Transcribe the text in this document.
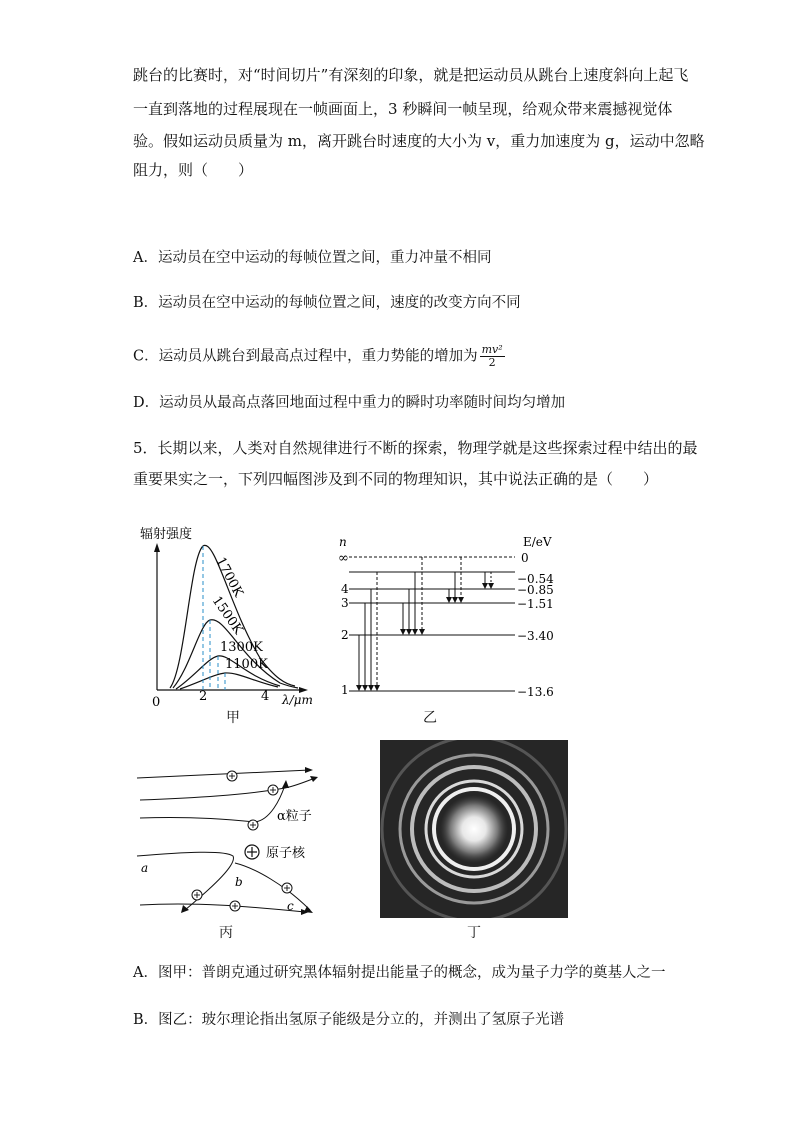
跳台的比赛时，对“时间切片”有深刻的印象，就是把运动员从跳台上速度斜向上起飞
一直到落地的过程展现在一帧画面上，3 秒瞬间一帧呈现，给观众带来震撼视觉体
验。假如运动员质量为 m，离开跳台时速度的大小为 v，重力加速度为 g，运动中忽略
阻力，则（　　）
A．运动员在空中运动的每帧位置之间，重力冲量不相同
B．运动员在空中运动的每帧位置之间，速度的改变方向不同
C．运动员从跳台到最高点过程中，重力势能的增加为 $\frac{\text{mv²}}{2}$
D．运动员从最高点落回地面过程中重力的瞬时功率随时间均匀增加
5．长期以来，人类对自然规律进行不断的探索，物理学就是这些探索过程中结出的最
重要果实之一，下列四幅图涉及到不同的物理知识，其中说法正确的是（　　）
辐射强度
0	2	4 λ/μm
1700K
1500K
1300K
1100K
甲
n	E/eV
∞	0
−0.54
4	−0.85
3	−1.51
2	−3.40
1	−13.6
乙
原子核
α粒子
a
b
c
丙	丁
A．图甲：普朗克通过研究黑体辐射提出能量子的概念，成为量子力学的奠基人之一
B．图乙：玻尔理论指出氢原子能级是分立的，并测出了氢原子光谱
